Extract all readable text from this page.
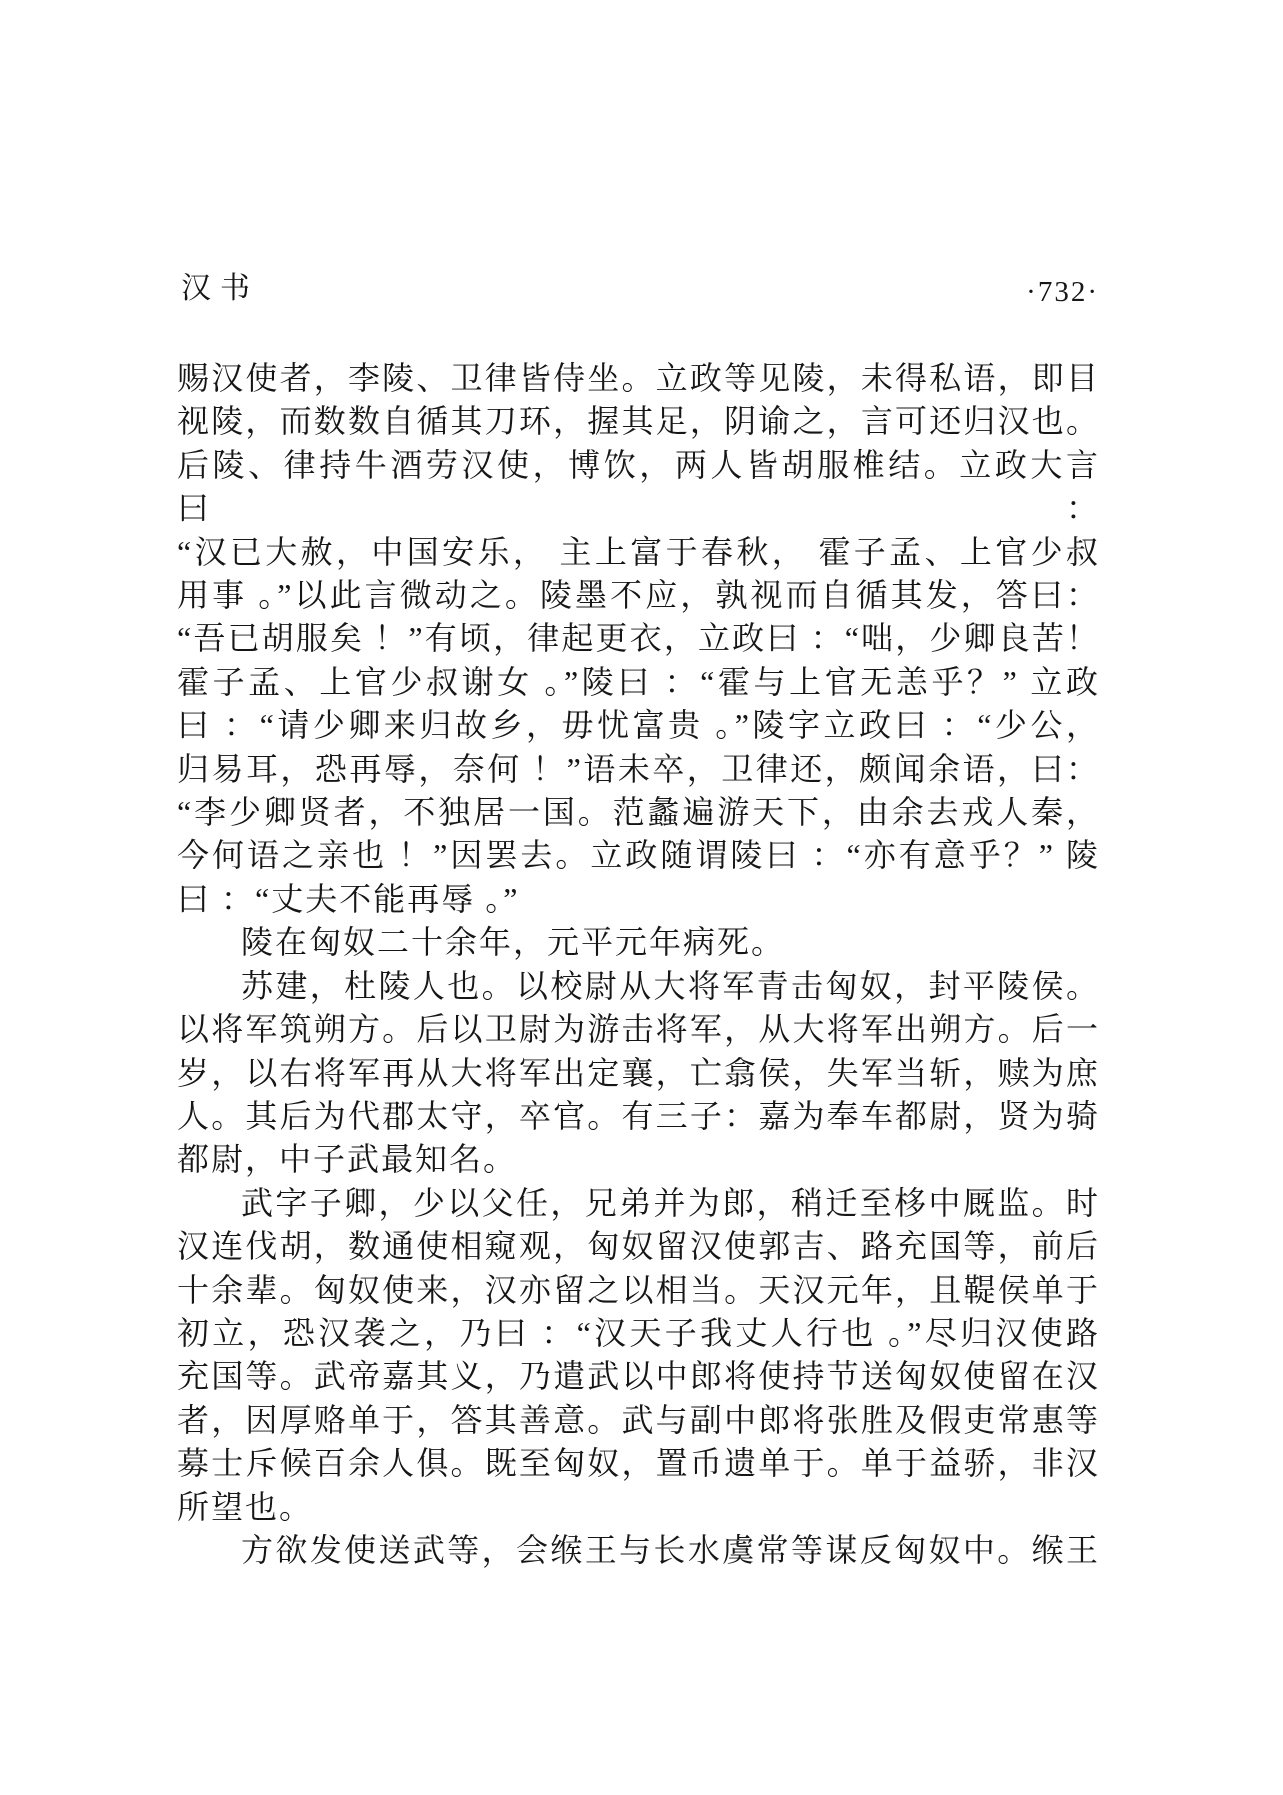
汉书	·732·
赐汉使者，李陵、卫律皆侍坐。立政等见陵，未得私语，即目
视陵，而数数自循其刀环，握其足，阴谕之，言可还归汉也。
后陵、律持牛酒劳汉使，博饮，两人皆胡服椎结。立政大言曰：
“汉已大赦，中国安乐， 主上富于春秋， 霍子孟、上官少叔
用事 。”以此言微动之。陵墨不应，孰视而自循其发，答曰：
“吾已胡服矣 ！”有顷，律起更衣，立政曰 ：“咄，少卿良苦！
霍子孟、上官少叔谢女 。”陵曰 ：“霍与上官无恙乎？” 立政
曰 ：“请少卿来归故乡，毋忧富贵 。”陵字立政曰 ：“少公，
归易耳，恐再辱，奈何 ！”语未卒，卫律还，颇闻余语，曰：
“李少卿贤者，不独居一国。范蠡遍游天下，由余去戎人秦，
今何语之亲也 ！”因罢去。立政随谓陵曰 ：“亦有意乎？” 陵
曰 ：“丈夫不能再辱 。”
陵在匈奴二十余年，元平元年病死。
苏建，杜陵人也。以校尉从大将军青击匈奴，封平陵侯。
以将军筑朔方。后以卫尉为游击将军，从大将军出朔方。后一
岁，以右将军再从大将军出定襄，亡翕侯，失军当斩，赎为庶
人。其后为代郡太守，卒官。有三子：嘉为奉车都尉，贤为骑
都尉，中子武最知名。
武字子卿，少以父任，兄弟并为郎，稍迁至栘中厩监。时
汉连伐胡，数通使相窥观，匈奴留汉使郭吉、路充国等，前后
十余辈。匈奴使来，汉亦留之以相当。天汉元年，且鞮侯单于
初立，恐汉袭之，乃曰 ：“汉天子我丈人行也 。”尽归汉使路
充国等。武帝嘉其义，乃遣武以中郎将使持节送匈奴使留在汉
者，因厚赂单于，答其善意。武与副中郎将张胜及假吏常惠等
募士斥候百余人俱。既至匈奴，置币遗单于。单于益骄，非汉
所望也。
方欲发使送武等，会缑王与长水虞常等谋反匈奴中。缑王
